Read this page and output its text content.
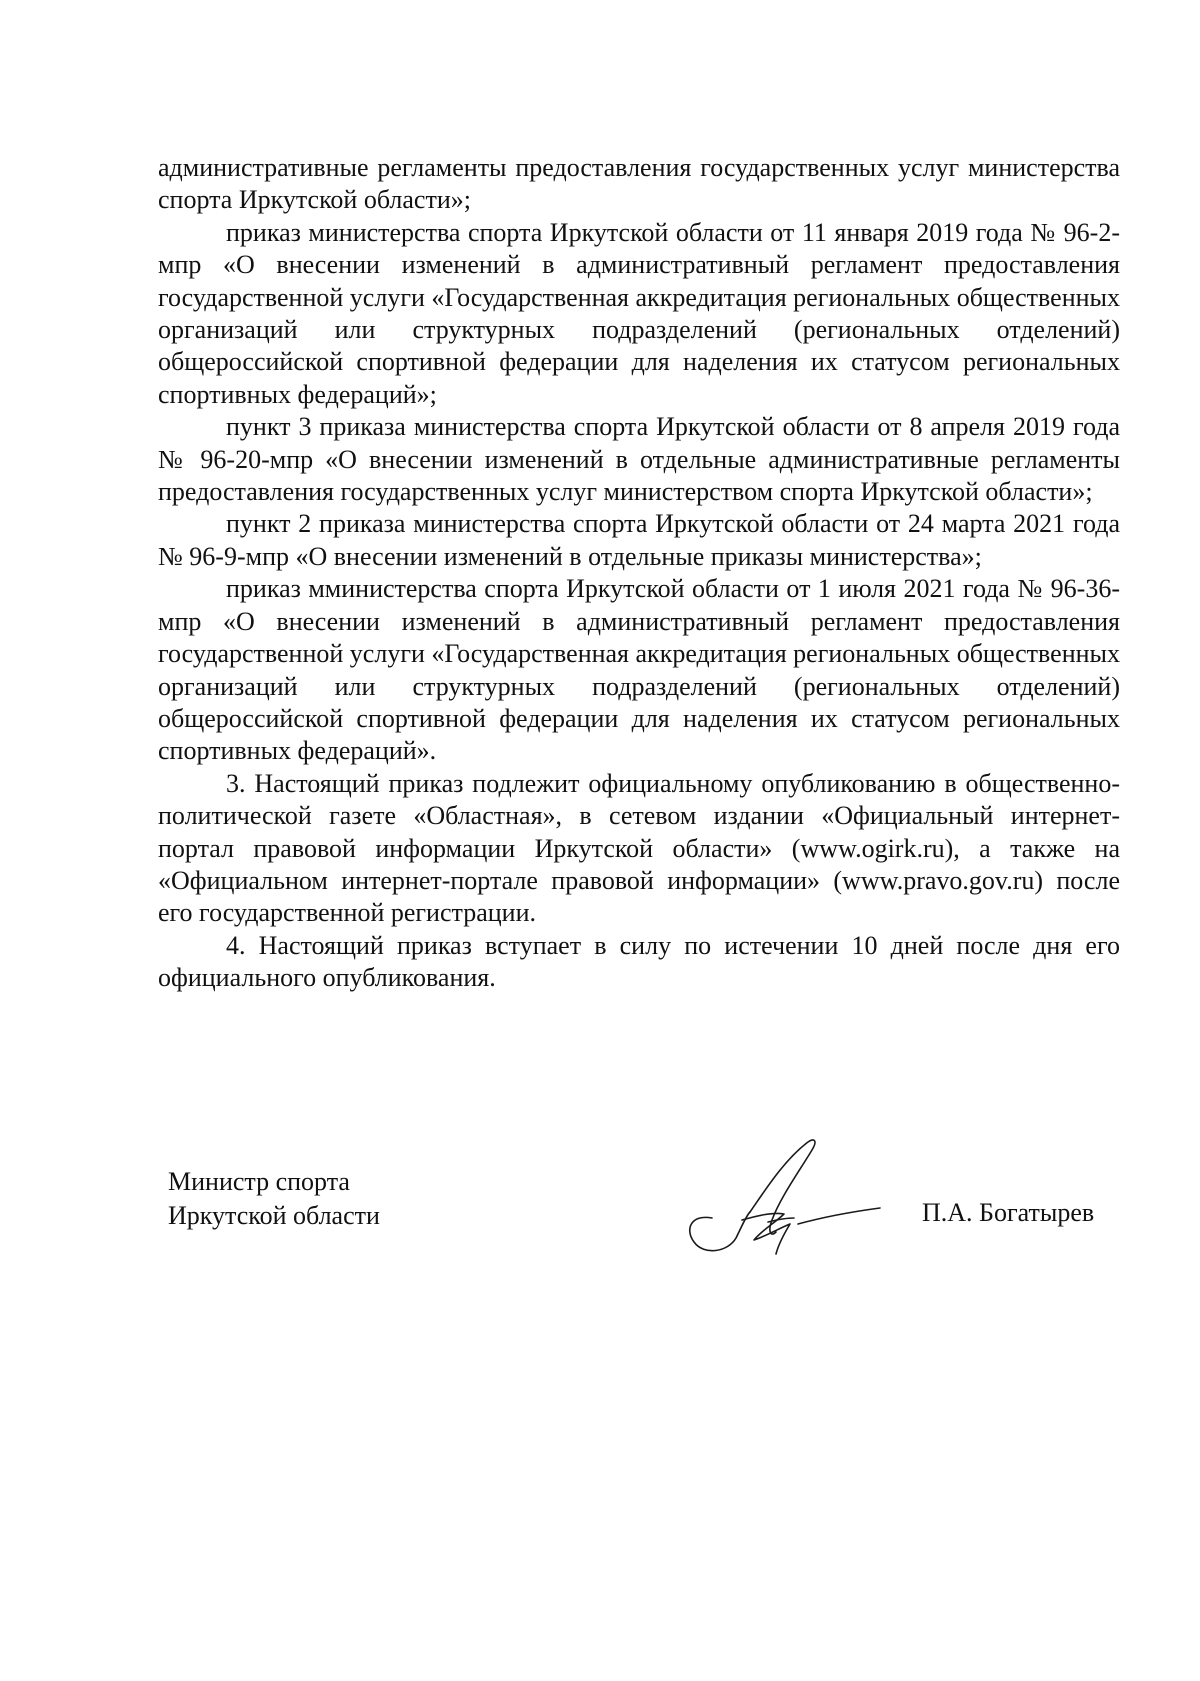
административные регламенты предоставления государственных услуг министерства спорта Иркутской области»;

приказ министерства спорта Иркутской области от 11 января 2019 года № 96-2-мпр «О внесении изменений в административный регламент предоставления государственной услуги «Государственная аккредитация региональных общественных организаций или структурных подразделений (региональных отделений) общероссийской спортивной федерации для наделения их статусом региональных спортивных федераций»;

пункт 3 приказа министерства спорта Иркутской области от 8 апреля 2019 года № 96-20-мпр «О внесении изменений в отдельные административные регламенты предоставления государственных услуг министерством спорта Иркутской области»;

пункт 2 приказа министерства спорта Иркутской области от 24 марта 2021 года № 96-9-мпр «О внесении изменений в отдельные приказы министерства»;

приказ мминистерства спорта Иркутской области от 1 июля 2021 года № 96-36-мпр «О внесении изменений в административный регламент предоставления государственной услуги «Государственная аккредитация региональных общественных организаций или структурных подразделений (региональных отделений) общероссийской спортивной федерации для наделения их статусом региональных спортивных федераций».

3. Настоящий приказ подлежит официальному опубликованию в общественно-политической газете «Областная», в сетевом издании «Официальный интернет-портал правовой информации Иркутской области» (www.ogirk.ru), а также на «Официальном интернет-портале правовой информации» (www.pravo.gov.ru) после его государственной регистрации.

4. Настоящий приказ вступает в силу по истечении 10 дней после дня его официального опубликования.

Министр спорта
Иркутской области	П.А. Богатырев
